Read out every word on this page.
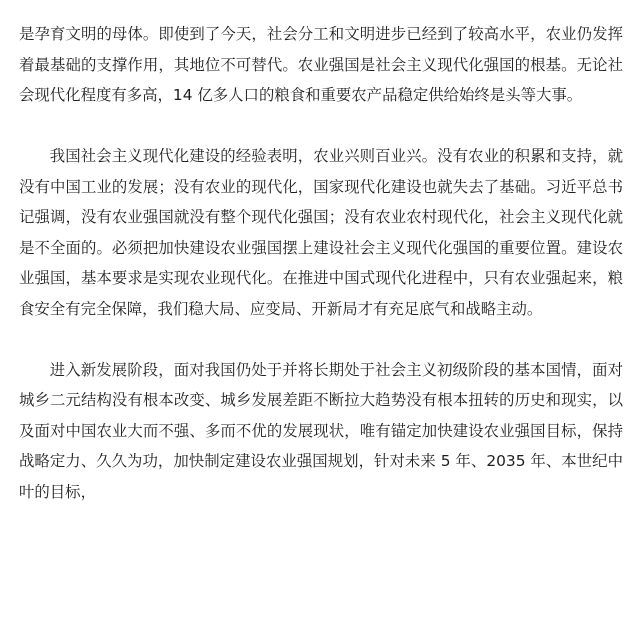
是孕育文明的母体。即使到了今天，社会分工和文明进步已经到了较高水平，农业仍发挥着最基础的支撑作用，其地位不可替代。农业强国是社会主义现代化强国的根基。无论社会现代化程度有多高，14 亿多人口的粮食和重要农产品稳定供给始终是头等大事。

我国社会主义现代化建设的经验表明，农业兴则百业兴。没有农业的积累和支持，就没有中国工业的发展；没有农业的现代化，国家现代化建设也就失去了基础。习近平总书记强调，没有农业强国就没有整个现代化强国；没有农业农村现代化，社会主义现代化就是不全面的。必须把加快建设农业强国摆上建设社会主义现代化强国的重要位置。建设农业强国，基本要求是实现农业现代化。在推进中国式现代化进程中，只有农业强起来，粮食安全有完全保障，我们稳大局、应变局、开新局才有充足底气和战略主动。

进入新发展阶段，面对我国仍处于并将长期处于社会主义初级阶段的基本国情，面对城乡二元结构没有根本改变、城乡发展差距不断拉大趋势没有根本扭转的历史和现实，以及面对中国农业大而不强、多而不优的发展现状，唯有锚定加快建设农业强国目标，保持战略定力、久久为功，加快制定建设农业强国规划，针对未来 5 年、2035 年、本世纪中叶的目标，
